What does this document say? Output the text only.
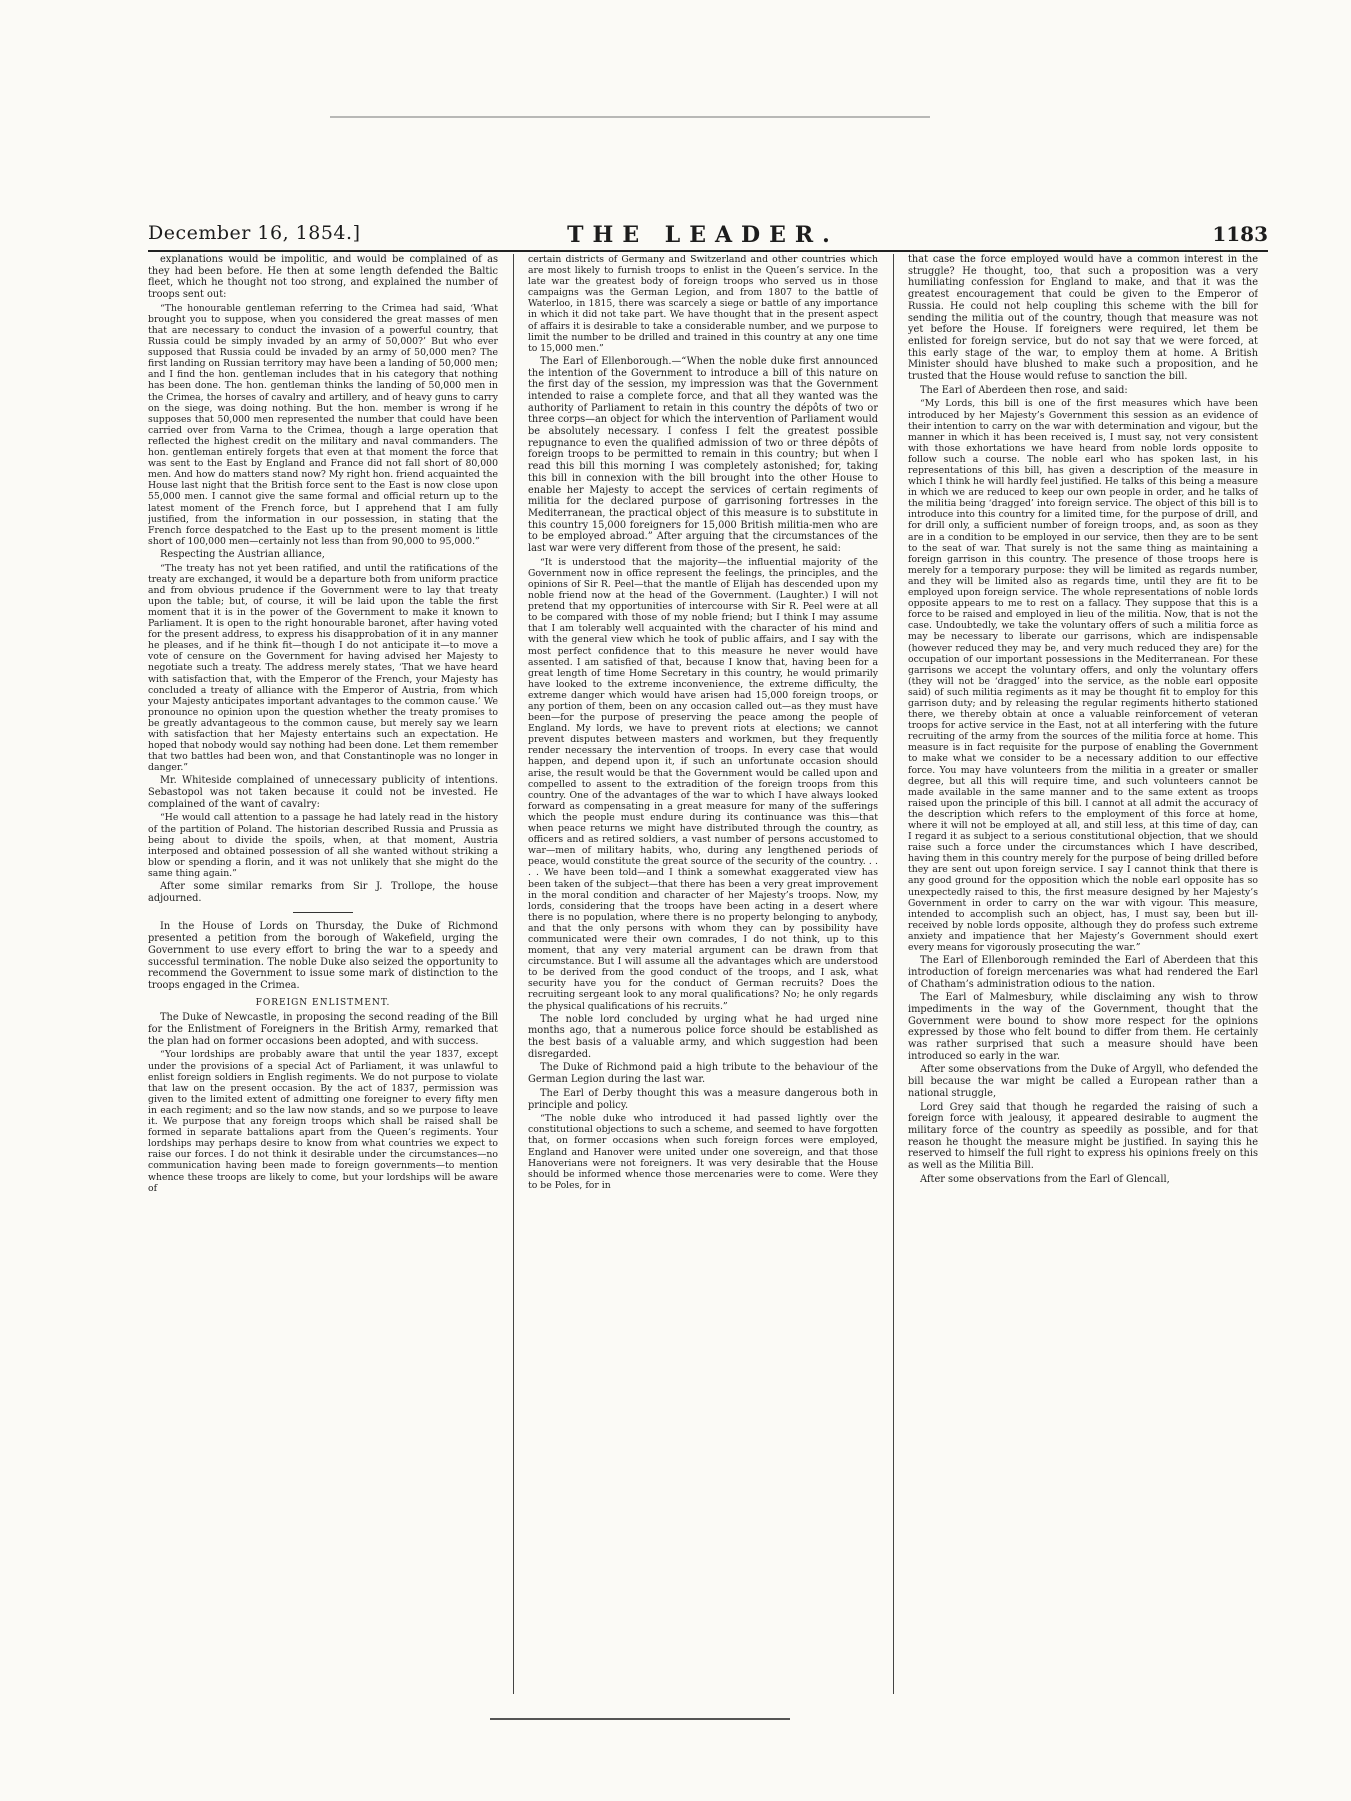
December 16, 1854. ]	THE LEADER.	1183

explanations would be impolitic, and would be complained of as they had been before. He then at some length defended the Baltic fleet, which he thought not too strong, and explained the number of troops sent out:

“The honourable gentleman referring to the Crimea had said, ‘What brought you to suppose, when you considered the great masses of men that are necessary to conduct the invasion of a powerful country, that Russia could be simply invaded by an army of 50,000?’ But who ever supposed that Russia could be invaded by an army of 50,000 men? The first landing on Russian territory may have been a landing of 50,000 men; and I find the hon. gentleman includes that in his category that nothing has been done. The hon. gentleman thinks the landing of 50,000 men in the Crimea, the horses of cavalry and artillery, and of heavy guns to carry on the siege, was doing nothing. But the hon. member is wrong if he supposes that 50,000 men represented the number that could have been carried over from Varna to the Crimea, though a large operation that reflected the highest credit on the military and naval commanders. The hon. gentleman entirely forgets that even at that moment the force that was sent to the East by England and France did not fall short of 80,000 men. And how do matters stand now? My right hon. friend acquainted the House last night that the British force sent to the East is now close upon 55,000 men. I cannot give the same formal and official return up to the latest moment of the French force, but I apprehend that I am fully justified, from the information in our possession, in stating that the French force despatched to the East up to the present moment is little short of 100,000 men—certainly not less than from 90,000 to 95,000.”

Respecting the Austrian alliance,

“The treaty has not yet been ratified, and until the ratifications of the treaty are exchanged, it would be a departure both from uniform practice and from obvious prudence if the Government were to lay that treaty upon the table; but, of course, it will be laid upon the table the first moment that it is in the power of the Government to make it known to Parliament. It is open to the right honourable baronet, after having voted for the present address, to express his disapprobation of it in any manner he pleases, and if he think fit—though I do not anticipate it—to move a vote of censure on the Government for having advised her Majesty to negotiate such a treaty. The address merely states, ‘That we have heard with satisfaction that, with the Emperor of the French, your Majesty has concluded a treaty of alliance with the Emperor of Austria, from which your Majesty anticipates important advantages to the common cause.’ We pronounce no opinion upon the question whether the treaty promises to be greatly advantageous to the common cause, but merely say we learn with satisfaction that her Majesty entertains such an expectation. He hoped that nobody would say nothing had been done. Let them remember that two battles had been won, and that Constantinople was no longer in danger.”

Mr. Whiteside complained of unnecessary publicity of intentions. Sebastopol was not taken because it could not be invested. He complained of the want of cavalry:

“He would call attention to a passage he had lately read in the history of the partition of Poland. The historian described Russia and Prussia as being about to divide the spoils, when, at that moment, Austria interposed and obtained possession of all she wanted without striking a blow or spending a florin, and it was not unlikely that she might do the same thing again.”

After some similar remarks from Sir J. Trollope, the house adjourned.

In the House of Lords on Thursday, the Duke of Richmond presented a petition from the borough of Wakefield, urging the Government to use every effort to bring the war to a speedy and successful termination. The noble Duke also seized the opportunity to recommend the Government to issue some mark of distinction to the troops engaged in the Crimea.

FOREIGN ENLISTMENT.

The Duke of Newcastle, in proposing the second reading of the Bill for the Enlistment of Foreigners in the British Army, remarked that the plan had on former occasions been adopted, and with success.

“Your lordships are probably aware that until the year 1837, except under the provisions of a special Act of Parliament, it was unlawful to enlist foreign soldiers in English regiments. We do not purpose to violate that law on the present occasion. By the act of 1837, permission was given to the limited extent of admitting one foreigner to every fifty men in each regiment; and so the law now stands, and so we purpose to leave it. We purpose that any foreign troops which shall be raised shall be formed in separate battalions apart from the Queen’s regiments. Your lordships may perhaps desire to know from what countries we expect to raise our forces. I do not think it desirable under the circumstances—no communication having been made to foreign governments—to mention whence these troops are likely to come, but your lordships will be aware of

certain districts of Germany and Switzerland and other countries which are most likely to furnish troops to enlist in the Queen’s service. In the late war the greatest body of foreign troops who served us in those campaigns was the German Legion, and from 1807 to the battle of Waterloo, in 1815, there was scarcely a siege or battle of any importance in which it did not take part. We have thought that in the present aspect of affairs it is desirable to take a considerable number, and we purpose to limit the number to be drilled and trained in this country at any one time to 15,000 men.”

The Earl of Ellenborough.—“When the noble duke first announced the intention of the Government to introduce a bill of this nature on the first day of the session, my impression was that the Government intended to raise a complete force, and that all they wanted was the authority of Parliament to retain in this country the dépôts of two or three corps—an object for which the intervention of Parliament would be absolutely necessary. I confess I felt the greatest possible repugnance to even the qualified admission of two or three dépôts of foreign troops to be permitted to remain in this country; but when I read this bill this morning I was completely astonished; for, taking this bill in connexion with the bill brought into the other House to enable her Majesty to accept the services of certain regiments of militia for the declared purpose of garrisoning fortresses in the Mediterranean, the practical object of this measure is to substitute in this country 15,000 foreigners for 15,000 British militia-men who are to be employed abroad.” After arguing that the circumstances of the last war were very different from those of the present, he said:

“It is understood that the majority—the influential majority of the Government now in office represent the feelings, the principles, and the opinions of Sir R. Peel—that the mantle of Elijah has descended upon my noble friend now at the head of the Government. (Laughter.) I will not pretend that my opportunities of intercourse with Sir R. Peel were at all to be compared with those of my noble friend; but I think I may assume that I am tolerably well acquainted with the character of his mind and with the general view which he took of public affairs, and I say with the most perfect confidence that to this measure he never would have assented. I am satisfied of that, because I know that, having been for a great length of time Home Secretary in this country, he would primarily have looked to the extreme inconvenience, the extreme difficulty, the extreme danger which would have arisen had 15,000 foreign troops, or any portion of them, been on any occasion called out—as they must have been—for the purpose of preserving the peace among the people of England. My lords, we have to prevent riots at elections; we cannot prevent disputes between masters and workmen, but they frequently render necessary the intervention of troops. In every case that would happen, and depend upon it, if such an unfortunate occasion should arise, the result would be that the Government would be called upon and compelled to assent to the extradition of the foreign troops from this country. One of the advantages of the war to which I have always looked forward as compensating in a great measure for many of the sufferings which the people must endure during its continuance was this—that when peace returns we might have distributed through the country, as officers and as retired soldiers, a vast number of persons accustomed to war—men of military habits, who, during any lengthened periods of peace, would constitute the great source of the security of the country. . . . . We have been told—and I think a somewhat exaggerated view has been taken of the subject—that there has been a very great improvement in the moral condition and character of her Majesty’s troops. Now, my lords, considering that the troops have been acting in a desert where there is no population, where there is no property belonging to anybody, and that the only persons with whom they can by possibility have communicated were their own comrades, I do not think, up to this moment, that any very material argument can be drawn from that circumstance. But I will assume all the advantages which are understood to be derived from the good conduct of the troops, and I ask, what security have you for the conduct of German recruits? Does the recruiting sergeant look to any moral qualifications? No; he only regards the physical qualifications of his recruits.”

The noble lord concluded by urging what he had urged nine months ago, that a numerous police force should be established as the best basis of a valuable army, and which suggestion had been disregarded.

The Duke of Richmond paid a high tribute to the behaviour of the German Legion during the last war.

The Earl of Derby thought this was a measure dangerous both in principle and policy.

“The noble duke who introduced it had passed lightly over the constitutional objections to such a scheme, and seemed to have forgotten that, on former occasions when such foreign forces were employed, England and Hanover were united under one sovereign, and that those Hanoverians were not foreigners. It was very desirable that the House should be informed whence those mercenaries were to come. Were they to be Poles, for in

that case the force employed would have a common interest in the struggle? He thought, too, that such a proposition was a very humiliating confession for England to make, and that it was the greatest encouragement that could be given to the Emperor of Russia. He could not help coupling this scheme with the bill for sending the militia out of the country, though that measure was not yet before the House. If foreigners were required, let them be enlisted for foreign service, but do not say that we were forced, at this early stage of the war, to employ them at home. A British Minister should have blushed to make such a proposition, and he trusted that the House would refuse to sanction the bill.

The Earl of Aberdeen then rose, and said:

“My Lords, this bill is one of the first measures which have been introduced by her Majesty’s Government this session as an evidence of their intention to carry on the war with determination and vigour, but the manner in which it has been received is, I must say, not very consistent with those exhortations we have heard from noble lords opposite to follow such a course. The noble earl who has spoken last, in his representations of this bill, has given a description of the measure in which I think he will hardly feel justified. He talks of this being a measure in which we are reduced to keep our own people in order, and he talks of the militia being ‘dragged’ into foreign service. The object of this bill is to introduce into this country for a limited time, for the purpose of drill, and for drill only, a sufficient number of foreign troops, and, as soon as they are in a condition to be employed in our service, then they are to be sent to the seat of war. That surely is not the same thing as maintaining a foreign garrison in this country. The presence of those troops here is merely for a temporary purpose: they will be limited as regards number, and they will be limited also as regards time, until they are fit to be employed upon foreign service. The whole representations of noble lords opposite appears to me to rest on a fallacy. They suppose that this is a force to be raised and employed in lieu of the militia. Now, that is not the case. Undoubtedly, we take the voluntary offers of such a militia force as may be necessary to liberate our garrisons, which are indispensable (however reduced they may be, and very much reduced they are) for the occupation of our important possessions in the Mediterranean. For these garrisons we accept the voluntary offers, and only the voluntary offers (they will not be ‘dragged’ into the service, as the noble earl opposite said) of such militia regiments as it may be thought fit to employ for this garrison duty; and by releasing the regular regiments hitherto stationed there, we thereby obtain at once a valuable reinforcement of veteran troops for active service in the East, not at all interfering with the future recruiting of the army from the sources of the militia force at home. This measure is in fact requisite for the purpose of enabling the Government to make what we consider to be a necessary addition to our effective force. You may have volunteers from the militia in a greater or smaller degree, but all this will require time, and such volunteers cannot be made available in the same manner and to the same extent as troops raised upon the principle of this bill. I cannot at all admit the accuracy of the description which refers to the employment of this force at home, where it will not be employed at all, and still less, at this time of day, can I regard it as subject to a serious constitutional objection, that we should raise such a force under the circumstances which I have described, having them in this country merely for the purpose of being drilled before they are sent out upon foreign service. I say I cannot think that there is any good ground for the opposition which the noble earl opposite has so unexpectedly raised to this, the first measure designed by her Majesty’s Government in order to carry on the war with vigour. This measure, intended to accomplish such an object, has, I must say, been but ill-received by noble lords opposite, although they do profess such extreme anxiety and impatience that her Majesty’s Government should exert every means for vigorously prosecuting the war.”

The Earl of Ellenborough reminded the Earl of Aberdeen that this introduction of foreign mercenaries was what had rendered the Earl of Chatham’s administration odious to the nation.

The Earl of Malmesbury, while disclaiming any wish to throw impediments in the way of the Government, thought that the Government were bound to show more respect for the opinions expressed by those who felt bound to differ from them. He certainly was rather surprised that such a measure should have been introduced so early in the war.

After some observations from the Duke of Argyll, who defended the bill because the war might be called a European rather than a national struggle,

Lord Grey said that though he regarded the raising of such a foreign force with jealousy, it appeared desirable to augment the military force of the country as speedily as possible, and for that reason he thought the measure might be justified. In saying this he reserved to himself the full right to express his opinions freely on this as well as the Militia Bill.

After some observations from the Earl of Glencall,
